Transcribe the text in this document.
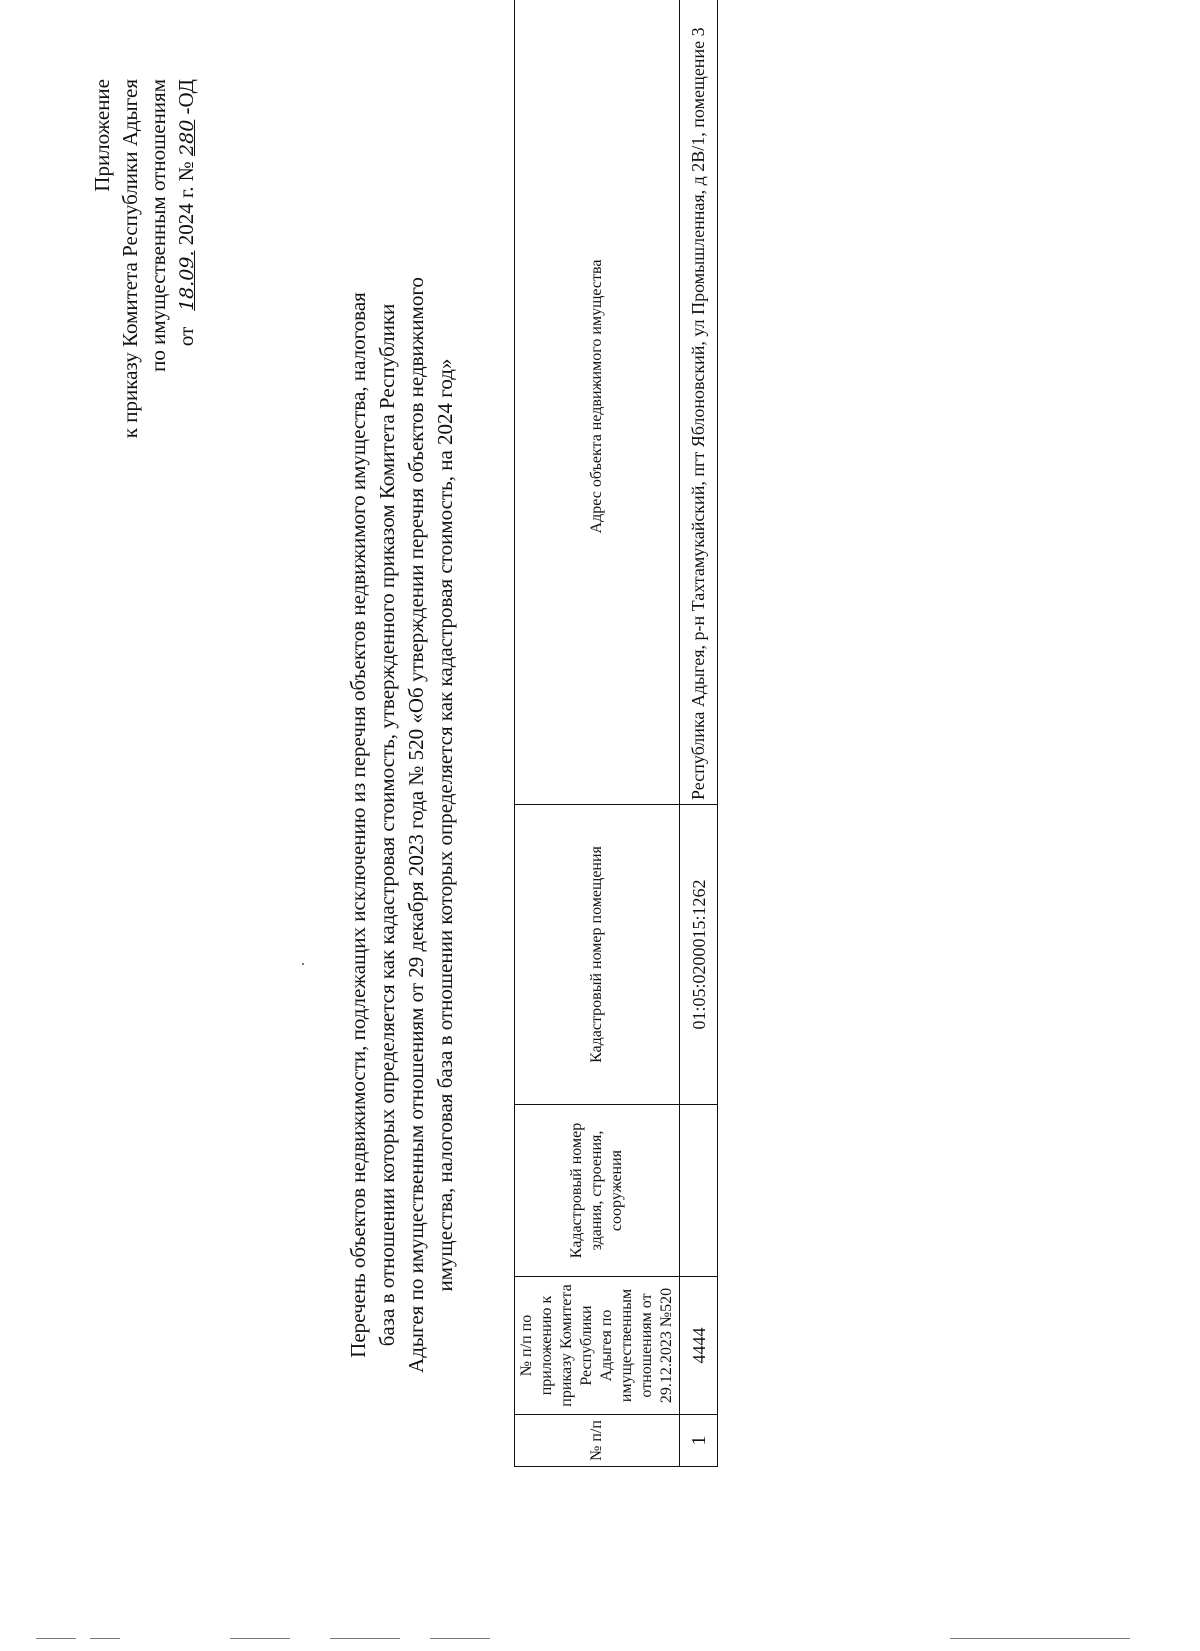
Приложение к приказу Комитета Республики Адыгея по имущественным отношениям от   18.09. 2024 г. № 280 -ОД
Перечень объектов недвижимости, подлежащих исключению из перечня объектов недвижимого имущества, налоговая база в отношении которых определяется как кадастровая стоимость, утвержденного приказом Комитета Республики Адыгея по имущественным отношениям от 29 декабря 2023 года № 520 «Об утверждении перечня объектов недвижимого имущества, налоговая база в отношении которых определяется как кадастровая стоимость, на 2024 год»
№ п/п	№ п/п по приложению к приказу Комитета Республики Адыгея по имущественным отношениям от 29.12.2023 №520	Кадастровый номер здания, строения, сооружения	Кадастровый номер помещения	Адрес объекта недвижимого имущества
1	4444		01:05:0200015:1262	Республика Адыгея, р-н Тахтамукайский, пгт Яблоновский, ул Промышленная, д 2В/1, помещение 3
